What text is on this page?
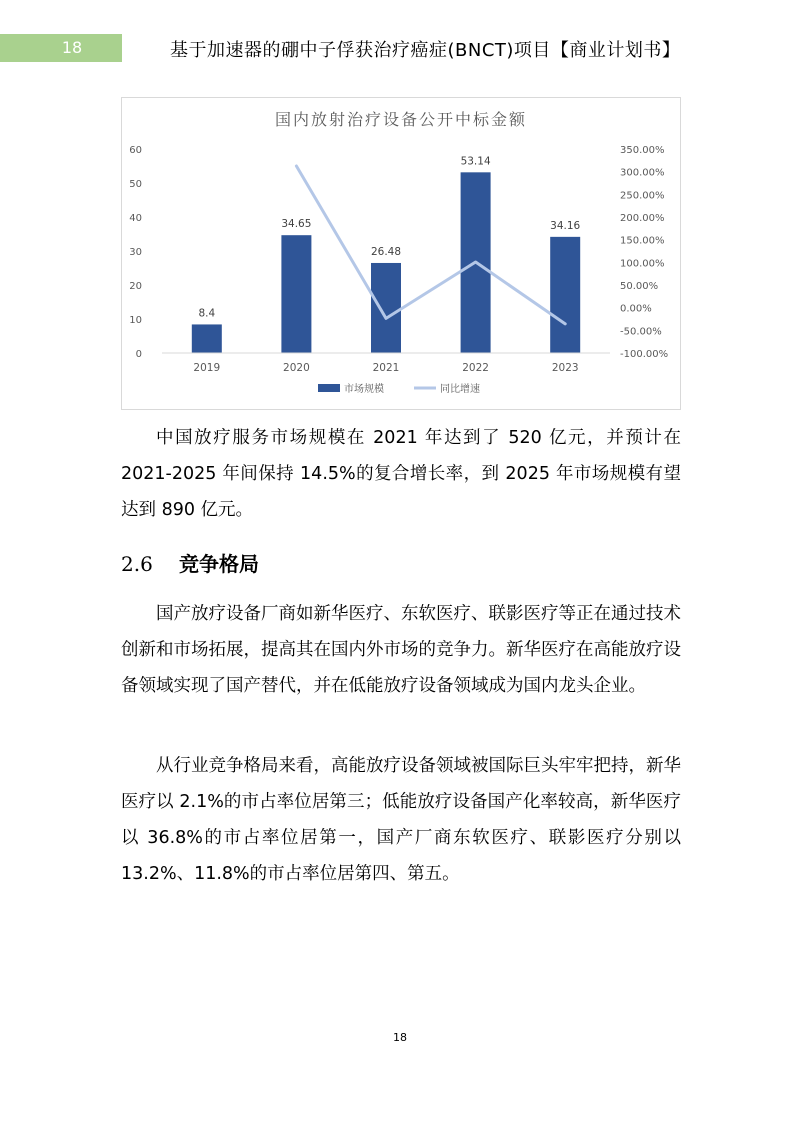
18	基于加速器的硼中子俘获治疗癌症(BNCT)项目【商业计划书】
国内放射治疗设备公开中标金额
0
10
20
30
40
50
60
-100.00%
-50.00%
0.00%
50.00%
100.00%
150.00%
200.00%
250.00%
300.00%
350.00%
8.4
34.65
26.48
53.14
34.16
2019	2020	2021	2022	2023
市场规模	同比增速

中国放疗服务市场规模在 2021 年达到了 520 亿元，并预计在 2021-2025 年间保持 14.5%的复合增长率，到 2025 年市场规模有望达到 890 亿元。

2.6 竞争格局

国产放疗设备厂商如新华医疗、东软医疗、联影医疗等正在通过技术创新和市场拓展，提高其在国内外市场的竞争力。新华医疗在高能放疗设备领域实现了国产替代，并在低能放疗设备领域成为国内龙头企业。

从行业竞争格局来看，高能放疗设备领域被国际巨头牢牢把持，新华医疗以 2.1%的市占率位居第三；低能放疗设备国产化率较高，新华医疗以 36.8%的市占率位居第一，国产厂商东软医疗、联影医疗分别以 13.2%、11.8%的市占率位居第四、第五。

18
